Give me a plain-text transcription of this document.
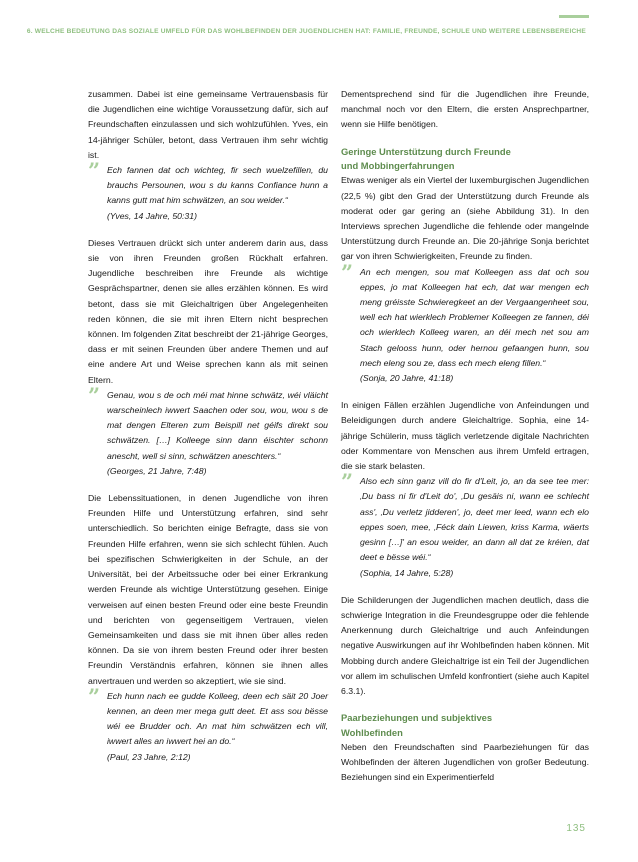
6. WELCHE BEDEUTUNG DAS SOZIALE UMFELD FÜR DAS WOHLBEFINDEN DER JUGENDLICHEN HAT: FAMILIE, FREUNDE, SCHULE UND WEITERE LEBENSBEREICHE

zusammen. Dabei ist eine gemeinsame Vertrauensbasis für die Jugendlichen eine wichtige Voraussetzung dafür, sich auf Freundschaften einzulassen und sich wohlzufühlen. Yves, ein 14-jähriger Schüler, betont, dass Vertrauen ihm sehr wichtig ist.

” Ech fannen dat och wichteg, fir sech wuelzefillen, du brauchs Persounen, wou s du kanns Confiance hunn a kanns gutt mat him schwätzen, an sou weider.“

(Yves, 14 Jahre, 50:31)

Dieses Vertrauen drückt sich unter anderem darin aus, dass sie von ihren Freunden großen Rückhalt erfahren. Jugendliche beschreiben ihre Freunde als wichtige Gesprächspartner, denen sie alles erzählen können. Es wird betont, dass sie mit Gleichaltrigen über Angelegenheiten reden können, die sie mit ihren Eltern nicht besprechen können. Im folgenden Zitat beschreibt der 21-jährige Georges, dass er mit seinen Freunden über andere Themen und auf eine andere Art und Weise sprechen kann als mit seinen Eltern.

” Genau, wou s de och méi mat hinne schwätz, wéi vläicht warscheinlech iwwert Saachen oder sou, wou, wou s de mat dengen Elteren zum Beispill net géifs direkt sou schwätzen. […] Kolleege sinn dann éischter schonn anescht, well si sinn, schwätzen aneschters.“

(Georges, 21 Jahre, 7:48)

Die Lebenssituationen, in denen Jugendliche von ihren Freunden Hilfe und Unterstützung erfahren, sind sehr unterschiedlich. So berichten einige Befragte, dass sie von Freunden Hilfe erfahren, wenn sie sich schlecht fühlen. Auch bei spezifischen Schwierigkeiten in der Schule, an der Universität, bei der Arbeitssuche oder bei einer Erkrankung werden Freunde als wichtige Unterstützung gesehen. Einige verweisen auf einen besten Freund oder eine beste Freundin und berichten von gegenseitigem Vertrauen, vielen Gemeinsamkeiten und dass sie mit ihnen über alles reden können. Da sie von ihrem besten Freund oder ihrer besten Freundin Verständnis erfahren, können sie ihnen alles anvertrauen und werden so akzeptiert, wie sie sind.

” Ech hunn nach ee gudde Kolleeg, deen ech säit 20 Joer kennen, an deen mer mega gutt deet. Et ass sou bësse wéi ee Brudder och. An mat him schwätzen ech vill, iwwert alles an iwwert hei an do.“

(Paul, 23 Jahre, 2:12)

Dementsprechend sind für die Jugendlichen ihre Freunde, manchmal noch vor den Eltern, die ersten Ansprechpartner, wenn sie Hilfe benötigen.

Geringe Unterstützung durch Freunde

und Mobbingerfahrungen

Etwas weniger als ein Viertel der luxemburgischen Jugendlichen (22,5 %) gibt den Grad der Unterstützung durch Freunde als moderat oder gar gering an (siehe Abbildung 31). In den Interviews sprechen Jugendliche die fehlende oder mangelnde Unterstützung durch Freunde an. Die 20-jährige Sonja berichtet gar von ihren Schwierigkeiten, Freunde zu finden.

” An ech mengen, sou mat Kolleegen ass dat och sou eppes, jo mat Kolleegen hat ech, dat war mengen ech meng gréisste Schwieregkeet an der Vergaangenheet sou, well ech hat wierklech Problemer Kolleegen ze fannen, déi och wierklech Kolleeg waren, an déi mech net sou am Stach gelooss hunn, oder hernou gefaangen hunn, sou mech eleng sou ze, dass ech mech eleng fillen.“

(Sonja, 20 Jahre, 41:18)

In einigen Fällen erzählen Jugendliche von Anfeindungen und Beleidigungen durch andere Gleichaltrige. Sophia, eine 14-jährige Schülerin, muss täglich verletzende digitale Nachrichten oder Kommentare von Menschen aus ihrem Umfeld ertragen, die sie stark belasten.

” Also ech sinn ganz vill do fir d'Leit, jo, an da see tee mer: ‚Du bass ni fir d'Leit do', ‚Du gesäis ni, wann ee schlecht ass', ‚Du verletz jidderen', jo, deet mer leed, wann ech elo eppes soen, mee, ‚Féck dain Liewen, kriss Karma, wäerts gesinn […]' an esou weider, an dann all dat ze kréien, dat deet e bësse wéi.“

(Sophia, 14 Jahre, 5:28)

Die Schilderungen der Jugendlichen machen deutlich, dass die schwierige Integration in die Freundesgruppe oder die fehlende Anerkennung durch Gleichaltrige und auch Anfeindungen negative Auswirkungen auf ihr Wohlbefinden haben können. Mit Mobbing durch andere Gleichaltrige ist ein Teil der Jugendlichen vor allem im schulischen Umfeld konfrontiert (siehe auch Kapitel 6.3.1).

Paarbeziehungen und subjektives

Wohlbefinden

Neben den Freundschaften sind Paarbeziehungen für das Wohlbefinden der älteren Jugendlichen von großer Bedeutung. Beziehungen sind ein Experimentierfeld

135
